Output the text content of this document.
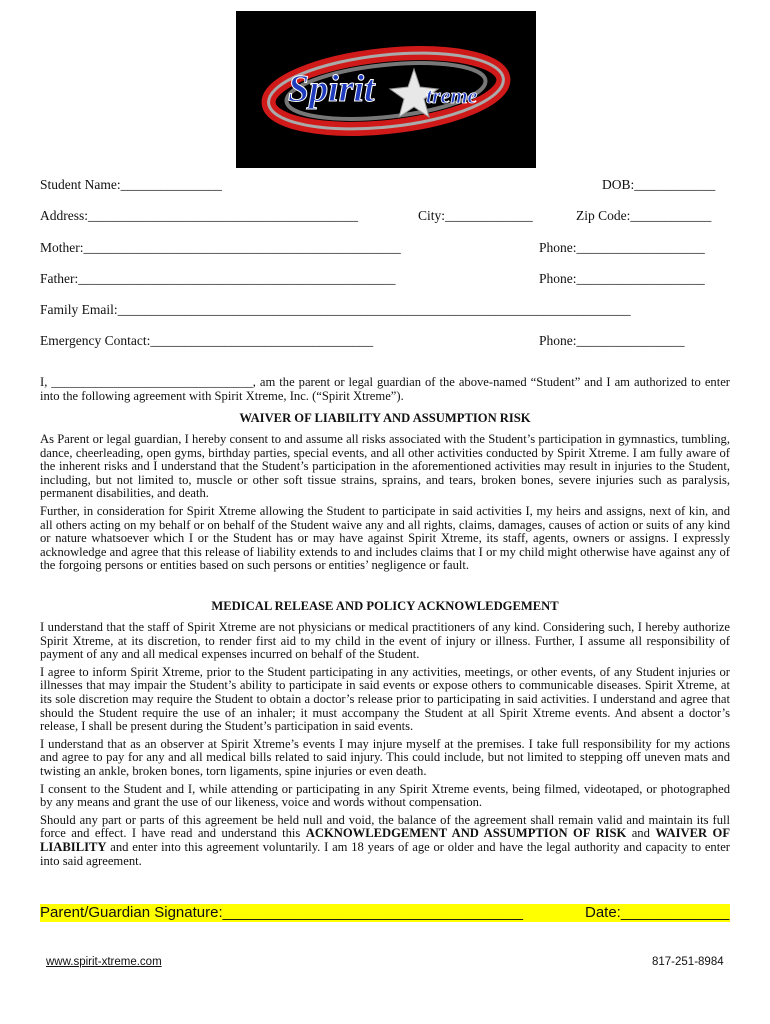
Spirit treme
Student Name:_______________	DOB:____________
Address:________________________________________	City:_____________	Zip Code:____________
Mother:_______________________________________________	Phone:___________________
Father:_______________________________________________	Phone:___________________
Family Email:____________________________________________________________________________
Emergency Contact:_________________________________	Phone:________________
I, ________________________________, am the parent or legal guardian of the above-named “Student” and I am authorized to enter into the following agreement with Spirit Xtreme, Inc. (“Spirit Xtreme”).
WAIVER OF LIABILITY AND ASSUMPTION RISK

As Parent or legal guardian, I hereby consent to and assume all risks associated with the Student’s participation in gymnastics, tumbling, dance, cheerleading, open gyms, birthday parties, special events, and all other activities conducted by Spirit Xtreme. I am fully aware of the inherent risks and I understand that the Student’s participation in the aforementioned activities may result in injuries to the Student, including, but not limited to, muscle or other soft tissue strains, sprains, and tears, broken bones, severe injuries such as paralysis, permanent disabilities, and death.

Further, in consideration for Spirit Xtreme allowing the Student to participate in said activities I, my heirs and assigns, next of kin, and all others acting on my behalf or on behalf of the Student waive any and all rights, claims, damages, causes of action or suits of any kind or nature whatsoever which I or the Student has or may have against Spirit Xtreme, its staff, agents, owners or assigns. I expressly acknowledge and agree that this release of liability extends to and includes claims that I or my child might otherwise have against any of the forgoing persons or entities based on such persons or entities’ negligence or fault.

MEDICAL RELEASE AND POLICY ACKNOWLEDGEMENT

I understand that the staff of Spirit Xtreme are not physicians or medical practitioners of any kind. Considering such, I hereby authorize Spirit Xtreme, at its discretion, to render first aid to my child in the event of injury or illness. Further, I assume all responsibility of payment of any and all medical expenses incurred on behalf of the Student.

I agree to inform Spirit Xtreme, prior to the Student participating in any activities, meetings, or other events, of any Student injuries or illnesses that may impair the Student’s ability to participate in said events or expose others to communicable diseases. Spirit Xtreme, at its sole discretion may require the Student to obtain a doctor’s release prior to participating in said activities. I understand and agree that should the Student require the use of an inhaler; it must accompany the Student at all Spirit Xtreme events. And absent a doctor’s release, I shall be present during the Student’s participation in said events.

I understand that as an observer at Spirit Xtreme’s events I may injure myself at the premises. I take full responsibility for my actions and agree to pay for any and all medical bills related to said injury. This could include, but not limited to stepping off uneven mats and twisting an ankle, broken bones, torn ligaments, spine injuries or even death.

I consent to the Student and I, while attending or participating in any Spirit Xtreme events, being filmed, videotaped, or photographed by any means and grant the use of our likeness, voice and words without compensation.

Should any part or parts of this agreement be held null and void, the balance of the agreement shall remain valid and maintain its full force and effect. I have read and understand this ACKNOWLEDGEMENT AND ASSUMPTION OF RISK and WAIVER OF LIABILITY and enter into this agreement voluntarily. I am 18 years of age or older and have the legal authority and capacity to enter into said agreement.

Parent/Guardian Signature:____________________________________	Date:_____________
www.spirit-xtreme.com	817-251-8984
